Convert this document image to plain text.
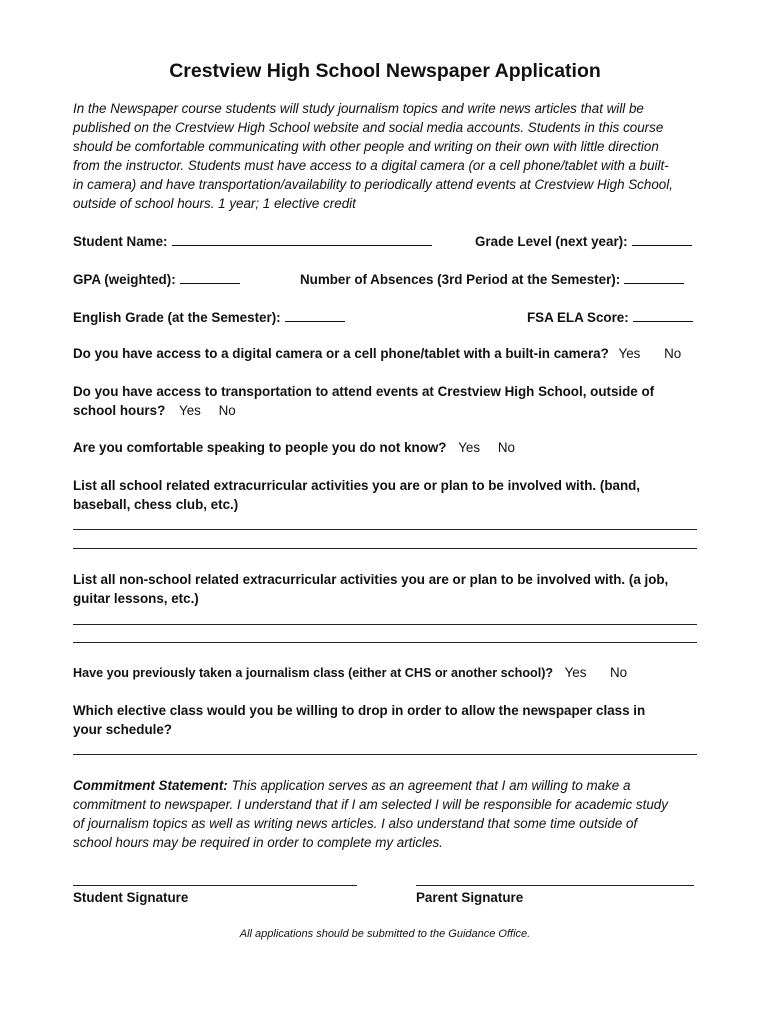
Crestview High School Newspaper Application
In the Newspaper course students will study journalism topics and write news articles that will be
published on the Crestview High School website and social media accounts. Students in this course
should be comfortable communicating with other people and writing on their own with little direction
from the instructor. Students must have access to a digital camera (or a cell phone/tablet with a built-
in camera) and have transportation/availability to periodically attend events at Crestview High School,
outside of school hours. 1 year; 1 elective credit
Student Name:	Grade Level (next year):
GPA (weighted):	Number of Absences (3rd Period at the Semester):
English Grade (at the Semester):	FSA ELA Score:
Do you have access to a digital camera or a cell phone/tablet with a built-in camera? Yes No
Do you have access to transportation to attend events at Crestview High School, outside of
school hours? Yes No
Are you comfortable speaking to people you do not know? Yes No
List all school related extracurricular activities you are or plan to be involved with. (band,
baseball, chess club, etc.)
List all non-school related extracurricular activities you are or plan to be involved with. (a job,
guitar lessons, etc.)
Have you previously taken a journalism class (either at CHS or another school)? Yes No
Which elective class would you be willing to drop in order to allow the newspaper class in
your schedule?
Commitment Statement: This application serves as an agreement that I am willing to make a
commitment to newspaper. I understand that if I am selected I will be responsible for academic study
of journalism topics as well as writing news articles. I also understand that some time outside of
school hours may be required in order to complete my articles.
Student Signature	Parent Signature
All applications should be submitted to the Guidance Office.
